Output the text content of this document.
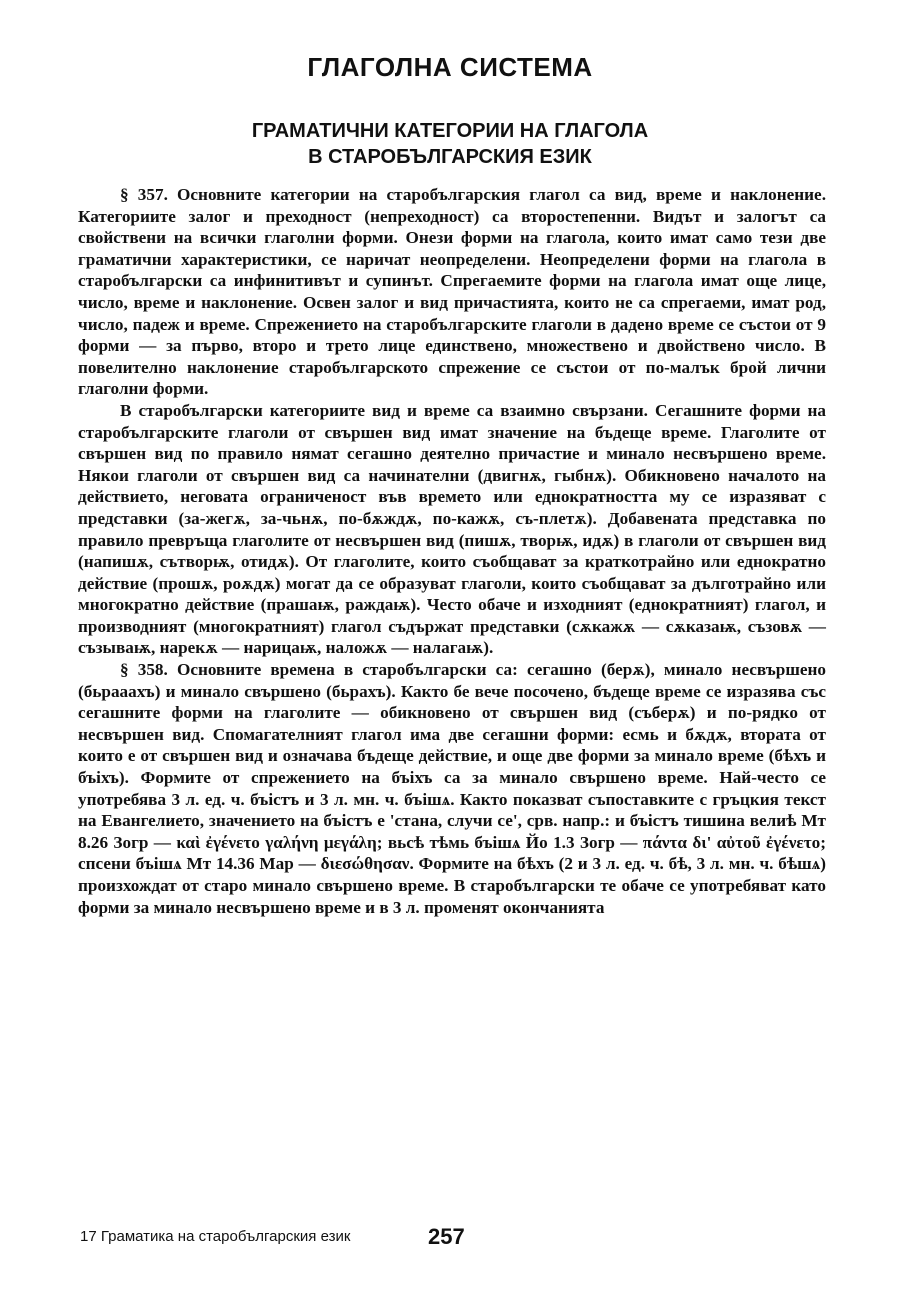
ГЛАГОЛНА СИСТЕМА
ГРАМАТИЧНИ КАТЕГОРИИ НА ГЛАГОЛА
В СТАРОБЪЛГАРСКИЯ ЕЗИК

§ 357. Основните категории на старобългарския глагол са вид, време и наклонение. Категориите залог и преходност (непреходност) са второстепенни. Видът и залогът са свойствени на всички глаголни форми. Онези форми на глагола, които имат само тези две граматични характеристики, се наричат неопределени. Неопределени форми на глагола в старобългарски са инфинитивът и супинът. Спрегаемите форми на глагола имат още лице, число, време и наклонение. Освен залог и вид причастията, които не са спрегаеми, имат род, число, падеж и време. Спрежението на старобългарските глаголи в дадено време се състои от 9 форми — за първо, второ и трето лице единствено, множествено и двойствено число. В повелително наклонение старобългарското спрежение се състои от по-малък брой лични глаголни форми.

В старобългарски категориите вид и време са взаимно свързани. Сегашните форми на старобългарските глаголи от свършен вид имат значение на бъдеще време. Глаголите от свършен вид по правило нямат сегашно деятелно причастие и минало несвършено време. Някои глаголи от свършен вид са начинателни (двигнѫ, гыбнѫ). Обикновено началото на действието, неговата ограниченост във времето или еднократността му се изразяват с представки (за-жегѫ, за-чьнѫ, по-бѫждѫ, по-кажѫ, съ-плетѫ). Добавената представка по правило превръща глаголите от несвършен вид (пишѫ, творѭ, идѫ) в глаголи от свършен вид (напишѫ, сътворѭ, отидѫ). От глаголите, които съобщават за краткотрайно или еднократно действие (прошѫ, роѫдѫ) могат да се образуват глаголи, които съобщават за дълготрайно или многократно действие (прашаѭ, раждаѭ). Често обаче и изходният (еднократният) глагол, и производният (многократният) глагол съдържат представки (сѫкажѫ — сѫказаѭ, съзовѫ — съзываѭ, нарекѫ — нарицаѭ, наложѫ — налагаѭ).

§ 358. Основните времена в старобългарски са: сегашно (берѫ), минало несвършено (бьрааахъ) и минало свършено (бьрахъ). Както бе вече посочено, бъдеще време се изразява със сегашните форми на глаголите — обикновено от свършен вид (съберѫ) и по-рядко от несвършен вид. Спомагателният глагол има две сегашни форми: есмь и бѫдѫ, втората от които е от свършен вид и означава бъдеще действие, и още две форми за минало време (бѣхъ и бъіхъ). Формите от спрежението на бъіхъ са за минало свършено време. Най-често се употребява 3 л. ед. ч. бъістъ и 3 л. мн. ч. бъішѧ. Както показват съпоставките с гръцкия текст на Евангелието, значението на бъістъ е 'стана, случи се', срв. напр.: и бъістъ тишина велиѣ Мт 8.26 Зогр — καὶ ἐγένετο γαλήνη μεγάλη; вьсѣ тѣмь бъішѧ Йо 1.3 Зогр — πάντα δι' αὐτοῦ ἐγένετο; спсени бъішѧ Мт 14.36 Мар — διεσώθησαν. Формите на бѣхъ (2 и 3 л. ед. ч. бѣ, 3 л. мн. ч. бѣшѧ) произхождат от старо минало свършено време. В старобългарски те обаче се употребяват като форми за минало несвършено време и в 3 л. променят окончанията

17 Граматика на старобългарския език	257
